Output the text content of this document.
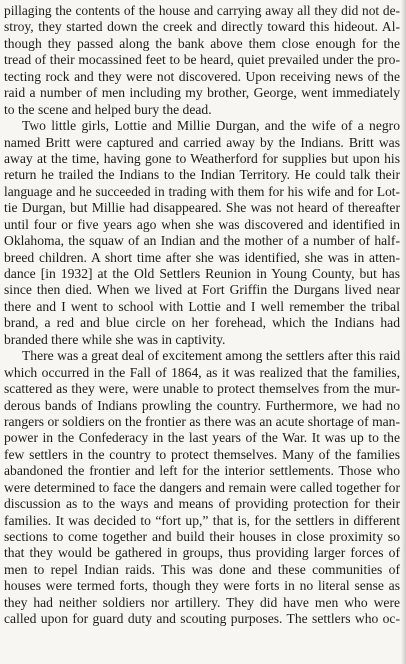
pillaging the contents of the house and carrying away all they did not de-
stroy, they started down the creek and directly toward this hideout. Al-
though they passed along the bank above them close enough for the
tread of their mocassined feet to be heard, quiet prevailed under the pro-
tecting rock and they were not discovered. Upon receiving news of the
raid a number of men including my brother, George, went immediately
to the scene and helped bury the dead.
Two little girls, Lottie and Millie Durgan, and the wife of a negro
named Britt were captured and carried away by the Indians. Britt was
away at the time, having gone to Weatherford for supplies but upon his
return he trailed the Indians to the Indian Territory. He could talk their
language and he succeeded in trading with them for his wife and for Lot-
tie Durgan, but Millie had disappeared. She was not heard of thereafter
until four or five years ago when she was discovered and identified in
Oklahoma, the squaw of an Indian and the mother of a number of half-
breed children. A short time after she was identified, she was in atten-
dance [in 1932] at the Old Settlers Reunion in Young County, but has
since then died. When we lived at Fort Griffin the Durgans lived near
there and I went to school with Lottie and I well remember the tribal
brand, a red and blue circle on her forehead, which the Indians had
branded there while she was in captivity.
There was a great deal of excitement among the settlers after this raid
which occurred in the Fall of 1864, as it was realized that the families,
scattered as they were, were unable to protect themselves from the mur-
derous bands of Indians prowling the country. Furthermore, we had no
rangers or soldiers on the frontier as there was an acute shortage of man-
power in the Confederacy in the last years of the War. It was up to the
few settlers in the country to protect themselves. Many of the families
abandoned the frontier and left for the interior settlements. Those who
were determined to face the dangers and remain were called together for
discussion as to the ways and means of providing protection for their
families. It was decided to “fort up,” that is, for the settlers in different
sections to come together and build their houses in close proximity so
that they would be gathered in groups, thus providing larger forces of
men to repel Indian raids. This was done and these communities of
houses were termed forts, though they were forts in no literal sense as
they had neither soldiers nor artillery. They did have men who were
called upon for guard duty and scouting purposes. The settlers who oc-
